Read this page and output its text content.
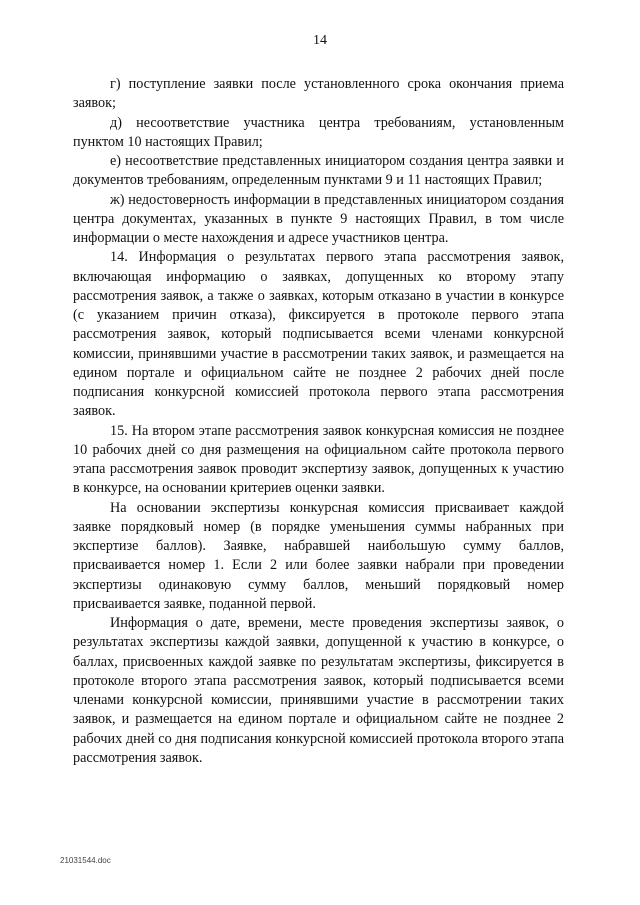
14

г) поступление заявки после установленного срока окончания приема заявок;

д) несоответствие участника центра требованиям, установленным пунктом 10 настоящих Правил;

е) несоответствие представленных инициатором создания центра заявки и документов требованиям, определенным пунктами 9 и 11 настоящих Правил;

ж) недостоверность информации в представленных инициатором создания центра документах, указанных в пункте 9 настоящих Правил, в том числе информации о месте нахождения и адресе участников центра.

14. Информация о результатах первого этапа рассмотрения заявок, включающая информацию о заявках, допущенных ко второму этапу рассмотрения заявок, а также о заявках, которым отказано в участии в конкурсе (с указанием причин отказа), фиксируется в протоколе первого этапа рассмотрения заявок, который подписывается всеми членами конкурсной комиссии, принявшими участие в рассмотрении таких заявок, и размещается на едином портале и официальном сайте не позднее 2 рабочих дней после подписания конкурсной комиссией протокола первого этапа рассмотрения заявок.

15. На втором этапе рассмотрения заявок конкурсная комиссия не позднее 10 рабочих дней со дня размещения на официальном сайте протокола первого этапа рассмотрения заявок проводит экспертизу заявок, допущенных к участию в конкурсе, на основании критериев оценки заявки.

На основании экспертизы конкурсная комиссия присваивает каждой заявке порядковый номер (в порядке уменьшения суммы набранных при экспертизе баллов). Заявке, набравшей наибольшую сумму баллов, присваивается номер 1. Если 2 или более заявки набрали при проведении экспертизы одинаковую сумму баллов, меньший порядковый номер присваивается заявке, поданной первой.

Информация о дате, времени, месте проведения экспертизы заявок, о результатах экспертизы каждой заявки, допущенной к участию в конкурсе, о баллах, присвоенных каждой заявке по результатам экспертизы, фиксируется в протоколе второго этапа рассмотрения заявок, который подписывается всеми членами конкурсной комиссии, принявшими участие в рассмотрении таких заявок, и размещается на едином портале и официальном сайте не позднее 2 рабочих дней со дня подписания конкурсной комиссией протокола второго этапа рассмотрения заявок.

21031544.doc
